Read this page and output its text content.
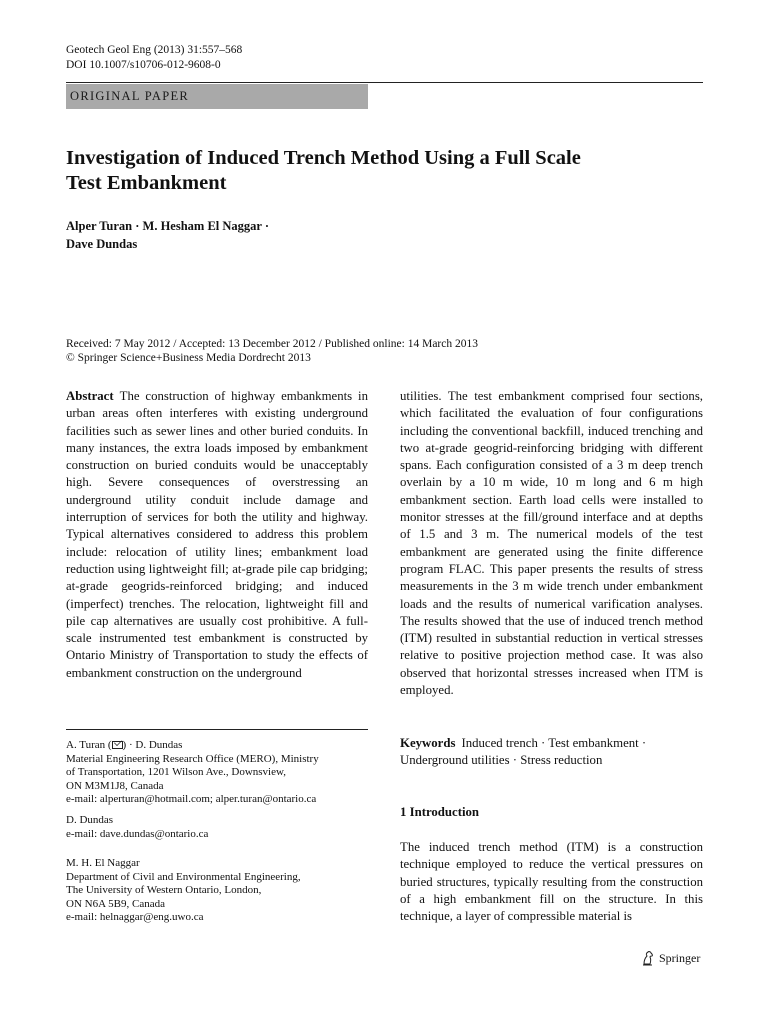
Geotech Geol Eng (2013) 31:557–568
DOI 10.1007/s10706-012-9608-0
ORIGINAL PAPER
Investigation of Induced Trench Method Using a Full Scale
Test Embankment
Alper Turan · M. Hesham El Naggar ·
Dave Dundas
Received: 7 May 2012 / Accepted: 13 December 2012 / Published online: 14 March 2013
© Springer Science+Business Media Dordrecht 2013
Abstract The construction of highway embankments in urban areas often interferes with existing underground facilities such as sewer lines and other buried conduits. In many instances, the extra loads imposed by embankment construction on buried conduits would be unacceptably high. Severe consequences of overstressing an underground utility conduit include damage and interruption of services for both the utility and highway. Typical alternatives considered to address this problem include: relocation of utility lines; embankment load reduction using lightweight fill; at-grade pile cap bridging; at-grade geogrids-reinforced bridging; and induced (imperfect) trenches. The relocation, lightweight fill and pile cap alternatives are usually cost prohibitive. A full-scale instrumented test embankment is constructed by Ontario Ministry of Transportation to study the effects of embankment construction on the underground
utilities. The test embankment comprised four sections, which facilitated the evaluation of four configurations including the conventional backfill, induced trenching and two at-grade geogrid-reinforcing bridging with different spans. Each configuration consisted of a 3 m deep trench overlain by a 10 m wide, 10 m long and 6 m high embankment section. Earth load cells were installed to monitor stresses at the fill/ground interface and at depths of 1.5 and 3 m. The numerical models of the test embankment are generated using the finite difference program FLAC. This paper presents the results of stress measurements in the 3 m wide trench under embankment loads and the results of numerical varification analyses. The results showed that the use of induced trench method (ITM) resulted in substantial reduction in vertical stresses relative to positive projection method case. It was also observed that horizontal stresses increased when ITM is employed.
A. Turan ( ) · D. Dundas
Material Engineering Research Office (MERO), Ministry
of Transportation, 1201 Wilson Ave., Downsview,
ON M3M1J8, Canada
e-mail: alperturan@hotmail.com; alper.turan@ontario.ca
D. Dundas
e-mail: dave.dundas@ontario.ca
M. H. El Naggar
Department of Civil and Environmental Engineering,
The University of Western Ontario, London,
ON N6A 5B9, Canada
e-mail: helnaggar@eng.uwo.ca
Keywords Induced trench · Test embankment · Underground utilities · Stress reduction
1 Introduction
The induced trench method (ITM) is a construction technique employed to reduce the vertical pressures on buried structures, typically resulting from the construction of a high embankment fill on the structure. In this technique, a layer of compressible material is
Springer
